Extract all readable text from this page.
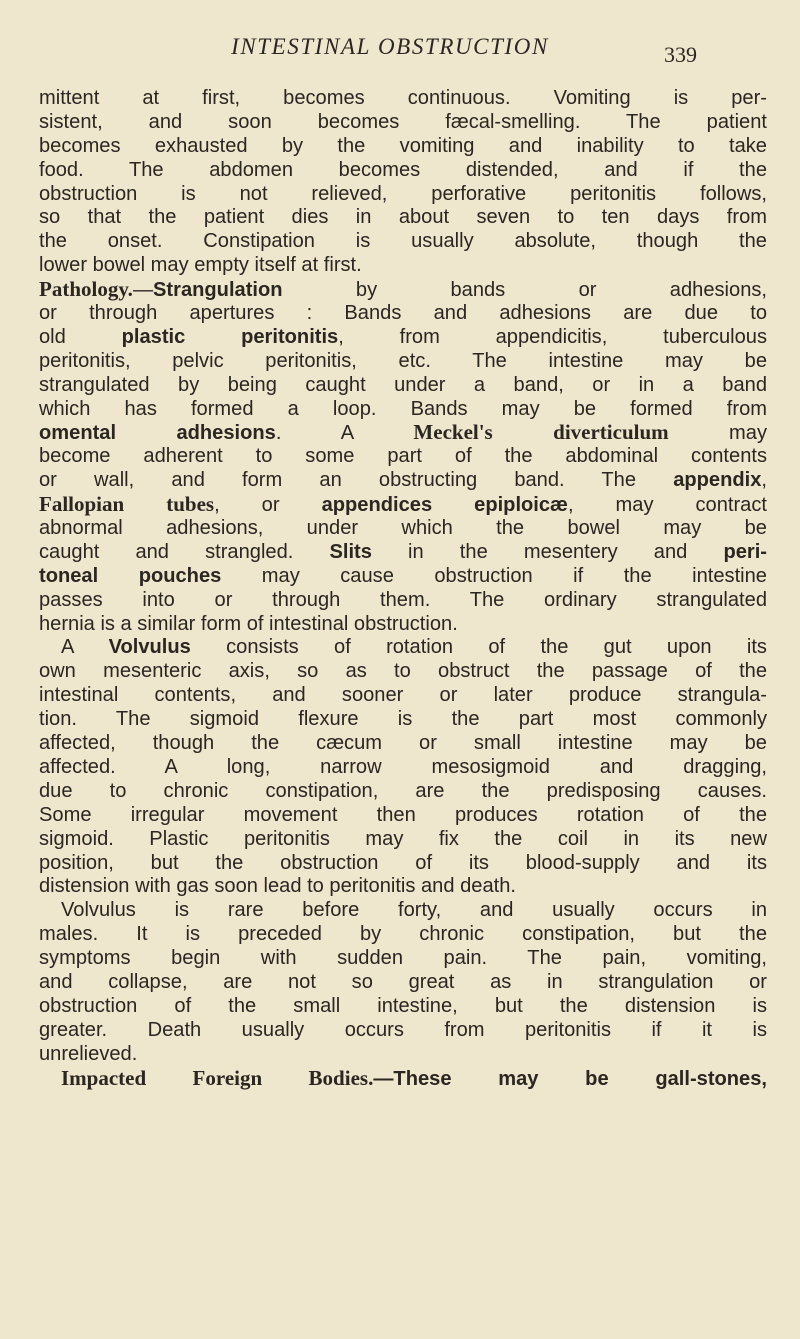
INTESTINAL OBSTRUCTION	339
mittent at first, becomes continuous. Vomiting is per-
sistent, and soon becomes fæcal-smelling. The patient
becomes exhausted by the vomiting and inability to take
food. The abdomen becomes distended, and if the
obstruction is not relieved, perforative peritonitis follows,
so that the patient dies in about seven to ten days from
the onset. Constipation is usually absolute, though the
lower bowel may empty itself at first.
Pathology.—Strangulation by bands or adhesions,
or through apertures : Bands and adhesions are due to
old plastic	peritonitis, from appendicitis, tuberculous
peritonitis, pelvic peritonitis, etc. The intestine may be
strangulated by being caught under a band, or in a band
which has formed a loop. Bands may be formed from
omental	adhesions. A Meckel's	diverticulum may
become adherent to some part of the abdominal contents
or wall, and form an obstructing band. The appendix,
Fallopian tubes, or appendices epiploicæ, may contract
abnormal adhesions, under which the bowel may be
caught and strangled. Slits in the mesentery and peri-
toneal pouches may cause obstruction if the intestine
passes into or through them. The ordinary strangulated
hernia is a similar form of intestinal obstruction.
A Volvulus consists of rotation of the gut upon its
own mesenteric axis, so as to obstruct the passage of the
intestinal contents, and sooner or later produce strangula-
tion. The sigmoid flexure is the part most commonly
affected, though the cæcum or small intestine may be
affected. A long, narrow mesosigmoid and dragging,
due to chronic constipation, are the predisposing causes.
Some irregular movement then produces rotation of the
sigmoid. Plastic peritonitis may fix the coil in its new
position, but the obstruction of its blood-supply and its
distension with gas soon lead to peritonitis and death.
Volvulus is rare before forty, and usually occurs in
males. It is preceded by chronic constipation, but the
symptoms begin with sudden pain. The pain, vomiting,
and collapse, are not so great as in strangulation or
obstruction of the small intestine, but the distension is
greater. Death usually occurs from peritonitis if it is
unrelieved.
Impacted Foreign Bodies.—These may be gall-stones,
